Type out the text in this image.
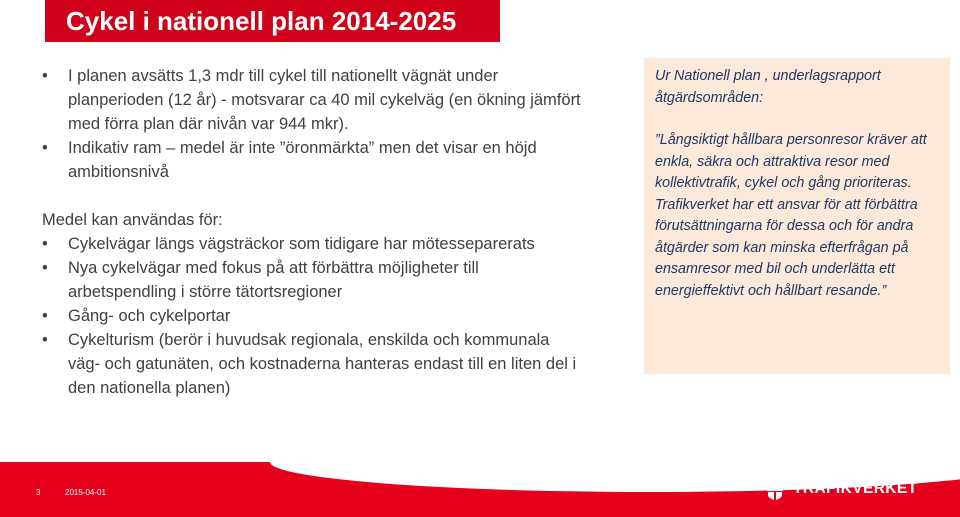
Cykel i nationell plan 2014-2025
• I planen avsätts 1,3 mdr till cykel till nationellt vägnät under planperioden (12 år) - motsvarar ca 40 mil cykelväg (en ökning jämfört med förra plan där nivån var 944 mkr).
• Indikativ ram – medel är inte ”öronmärkta” men det visar en höjd ambitionsnivå
Medel kan användas för:
• Cykelvägar längs vägsträckor som tidigare har mötesseparerats
• Nya cykelvägar med fokus på att förbättra möjligheter till arbetspendling i större tätortsregioner
• Gång- och cykelportar
• Cykelturism (berör i huvudsak regionala, enskilda och kommunala väg- och gatunäten, och kostnaderna hanteras endast till en liten del i den nationella planen)

Ur Nationell plan , underlagsrapport åtgärdsområden:

”Långsiktigt hållbara personresor kräver att enkla, säkra och attraktiva resor med kollektivtrafik, cykel och gång prioriteras. Trafikverket har ett ansvar för att förbättra förutsättningarna för dessa och för andra åtgärder som kan minska efterfrågan på ensamresor med bil och underlätta ett energieffektivt och hållbart resande.”

3	2015-04-01	TRAFIKVERKET
